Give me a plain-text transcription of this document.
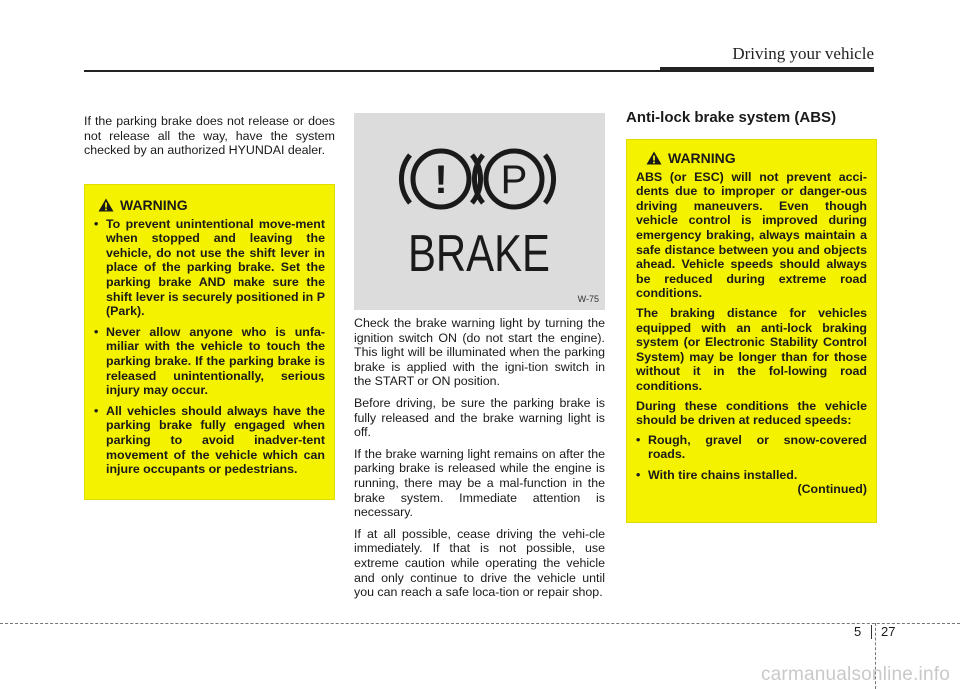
Driving your vehicle

If the parking brake does not release or does not release all the way, have the system checked by an authorized HYUNDAI dealer.

WARNING
• To prevent unintentional move-ment when stopped and leaving the vehicle, do not use the shift lever in place of the parking brake. Set the parking brake AND make sure the shift lever is securely positioned in P (Park).
• Never allow anyone who is unfa-miliar with the vehicle to touch the parking brake. If the parking brake is released unintentionally, serious injury may occur.
• All vehicles should always have the parking brake fully engaged when parking to avoid inadver-tent movement of the vehicle which can injure occupants or pedestrians.
! P
BRAKE
W-75

Check the brake warning light by turning the ignition switch ON (do not start the engine). This light will be illuminated when the parking brake is applied with the igni-tion switch in the START or ON position.

Before driving, be sure the parking brake is fully released and the brake warning light is off.

If the brake warning light remains on after the parking brake is released while the engine is running, there may be a mal-function in the brake system. Immediate attention is necessary.

If at all possible, cease driving the vehi-cle immediately. If that is not possible, use extreme caution while operating the vehicle and only continue to drive the vehicle until you can reach a safe loca-tion or repair shop.

Anti-lock brake system (ABS)
WARNING

ABS (or ESC) will not prevent acci-dents due to improper or danger-ous driving maneuvers. Even though vehicle control is improved during emergency braking, always maintain a safe distance between you and objects ahead. Vehicle speeds should always be reduced during extreme road conditions.

The braking distance for vehicles equipped with an anti-lock braking system (or Electronic Stability Control System) may be longer than for those without it in the fol-lowing road conditions.

During these conditions the vehicle should be driven at reduced speeds:

• Rough, gravel or snow-covered roads.
• With tire chains installed.
(Continued)
5 27
carmanualsonline.info
